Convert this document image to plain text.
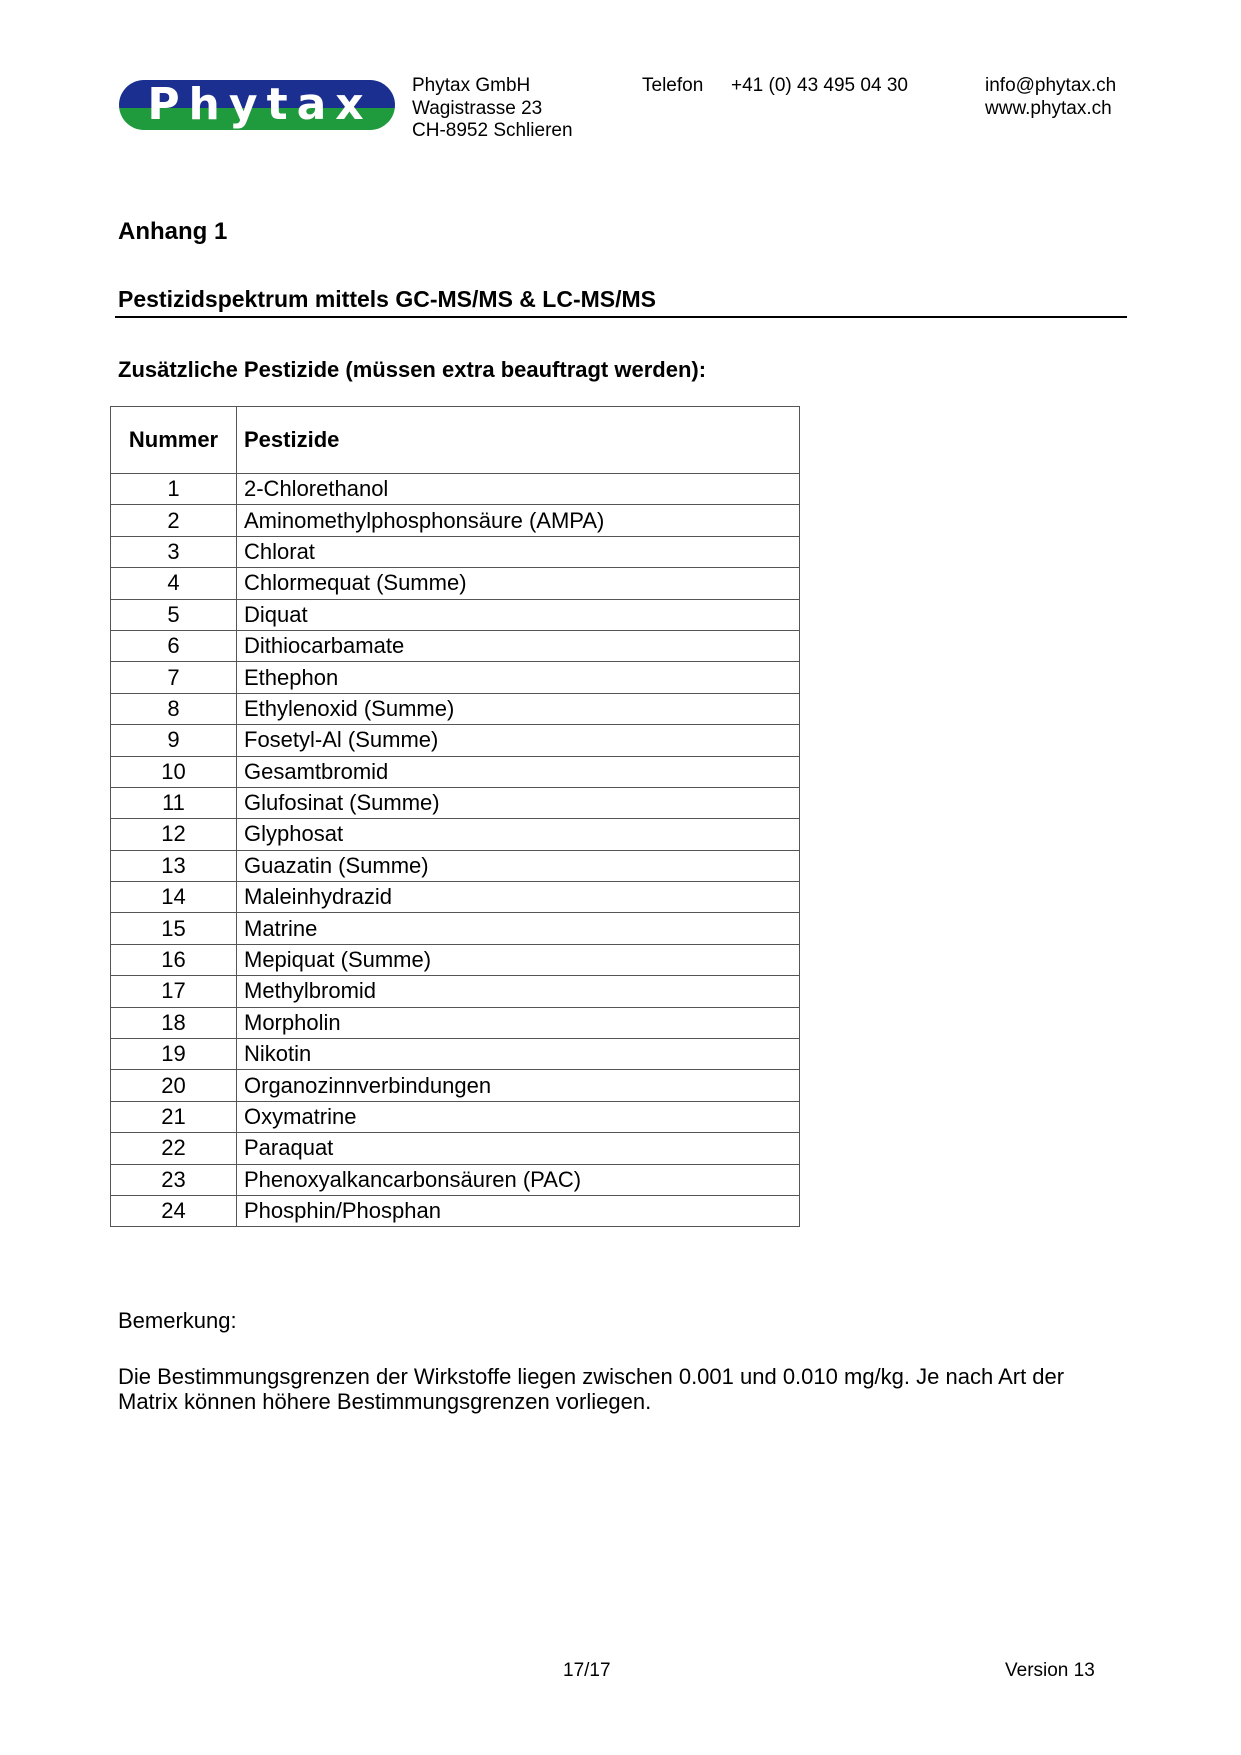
Phytax	Phytax GmbH
Wagistrasse 23
CH-8952 Schlieren
Telefon +41 (0) 43 495 04 30	info@phytax.ch
www.phytax.ch
Anhang 1
Pestizidspektrum mittels GC-MS/MS & LC-MS/MS
Zusätzliche Pestizide (müssen extra beauftragt werden):
Nummer	Pestizide
1	2-Chlorethanol
2	Aminomethylphosphonsäure (AMPA)
3	Chlorat
4	Chlormequat (Summe)
5	Diquat
6	Dithiocarbamate
7	Ethephon
8	Ethylenoxid (Summe)
9	Fosetyl-Al (Summe)
10	Gesamtbromid
11	Glufosinat (Summe)
12	Glyphosat
13	Guazatin (Summe)
14	Maleinhydrazid
15	Matrine
16	Mepiquat (Summe)
17	Methylbromid
18	Morpholin
19	Nikotin
20	Organozinnverbindungen
21	Oxymatrine
22	Paraquat
23	Phenoxyalkancarbonsäuren (PAC)
24	Phosphin/Phosphan
Bemerkung:
Die Bestimmungsgrenzen der Wirkstoffe liegen zwischen 0.001 und 0.010 mg/kg. Je nach Art der Matrix können höhere Bestimmungsgrenzen vorliegen.
17/17	Version 13
